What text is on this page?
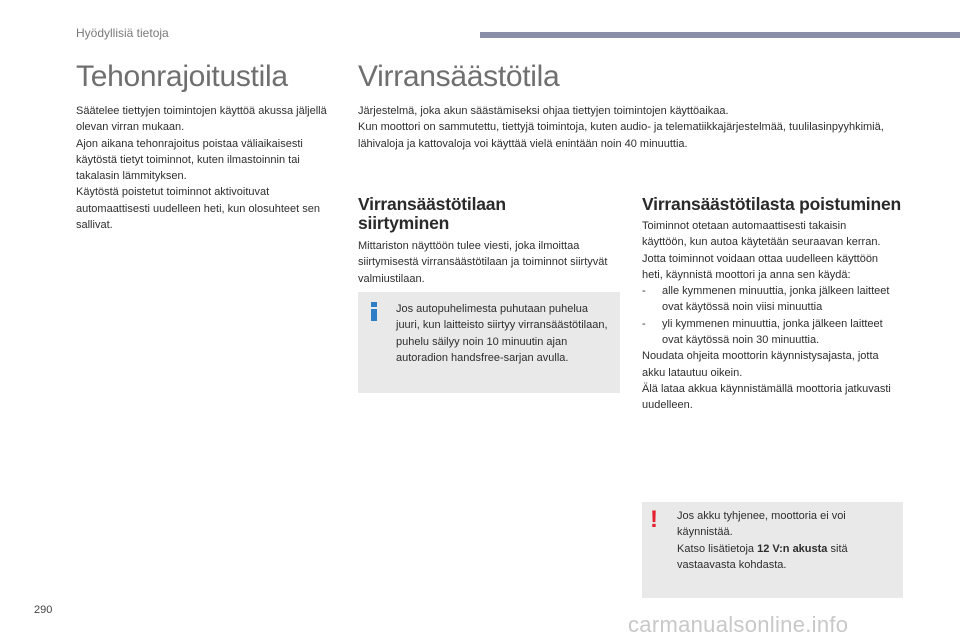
Hyödyllisiä tietoja
Tehonrajoitustila

Säätelee tiettyjen toimintojen käyttöä akussa jäljellä olevan virran mukaan.

Ajon aikana tehonrajoitus poistaa väliaikaisesti käytöstä tietyt toiminnot, kuten ilmastoinnin tai takalasin lämmityksen.

Käytöstä poistetut toiminnot aktivoituvat automaattisesti uudelleen heti, kun olosuhteet sen sallivat.

Virransäästötila

Järjestelmä, joka akun säästämiseksi ohjaa tiettyjen toimintojen käyttöaikaa.

Kun moottori on sammutettu, tiettyjä toimintoja, kuten audio- ja telematiikkajärjestelmää, tuulilasinpyyhkimiä, lähivaloja ja kattovaloja voi käyttää vielä enintään noin 40 minuuttia.

Virransäästötilaan
siirtyminen

Mittariston näyttöön tulee viesti, joka ilmoittaa siirtymisestä virransäästötilaan ja toiminnot siirtyvät valmiustilaan.

Jos autopuhelimesta puhutaan puhelua juuri, kun laitteisto siirtyy virransäästötilaan, puhelu säilyy noin 10 minuutin ajan autoradion handsfree-sarjan avulla.

Virransäästötilasta poistuminen

Toiminnot otetaan automaattisesti takaisin käyttöön, kun autoa käytetään seuraavan kerran.

Jotta toiminnot voidaan ottaa uudelleen käyttöön heti, käynnistä moottori ja anna sen käydä:

- alle kymmenen minuuttia, jonka jälkeen laitteet ovat käytössä noin viisi minuuttia
- yli kymmenen minuuttia, jonka jälkeen laitteet ovat käytössä noin 30 minuuttia.

Noudata ohjeita moottorin käynnistysajasta, jotta akku latautuu oikein.

Älä lataa akkua käynnistämällä moottoria jatkuvasti uudelleen.

! Jos akku tyhjenee, moottoria ei voi käynnistää.

Katso lisätietoja 12 V:n akusta sitä vastaavasta kohdasta.

290
carmanualsonline.info
